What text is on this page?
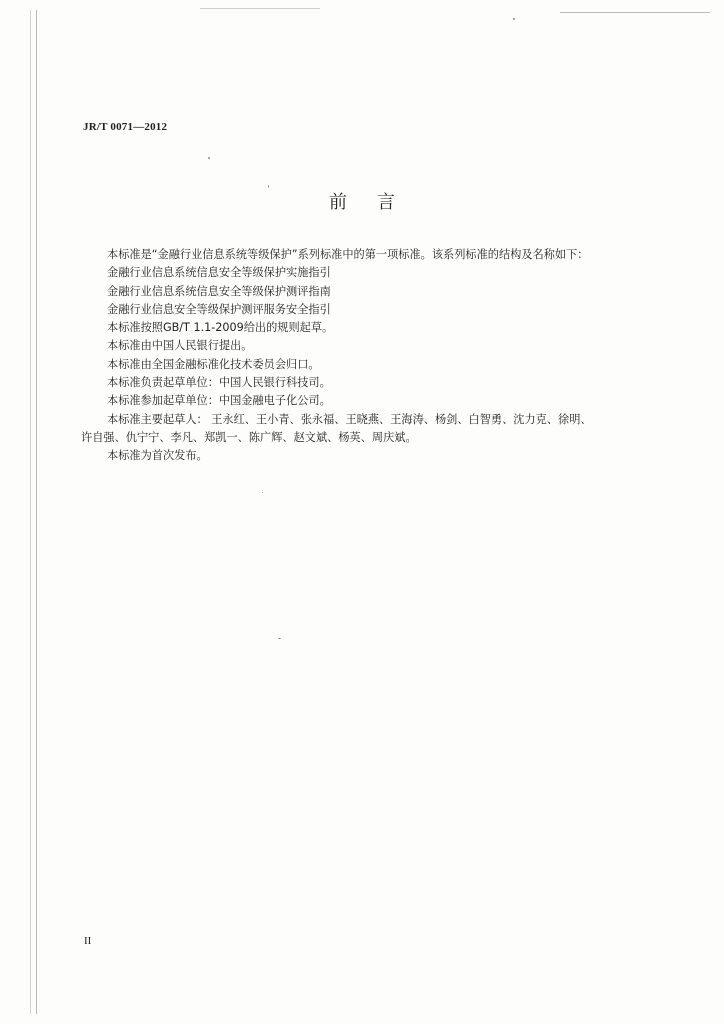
JR/T 0071—2012
前言

本标准是“金融行业信息系统等级保护”系列标准中的第一项标准。该系列标准的结构及名称如下：

金融行业信息系统信息安全等级保护实施指引

金融行业信息系统信息安全等级保护测评指南

金融行业信息安全等级保护测评服务安全指引

本标准按照GB/T 1.1-2009给出的规则起草。

本标准由中国人民银行提出。

本标准由全国金融标准化技术委员会归口。

本标准负责起草单位：中国人民银行科技司。

本标准参加起草单位：中国金融电子化公司。

本标准主要起草人： 王永红、王小青、张永福、王晓燕、王海涛、杨剑、白智勇、沈力克、徐明、

许自强、仇宁宁、李凡、郑凯一、陈广辉、赵文斌、杨英、周庆斌。

本标准为首次发布。

II
